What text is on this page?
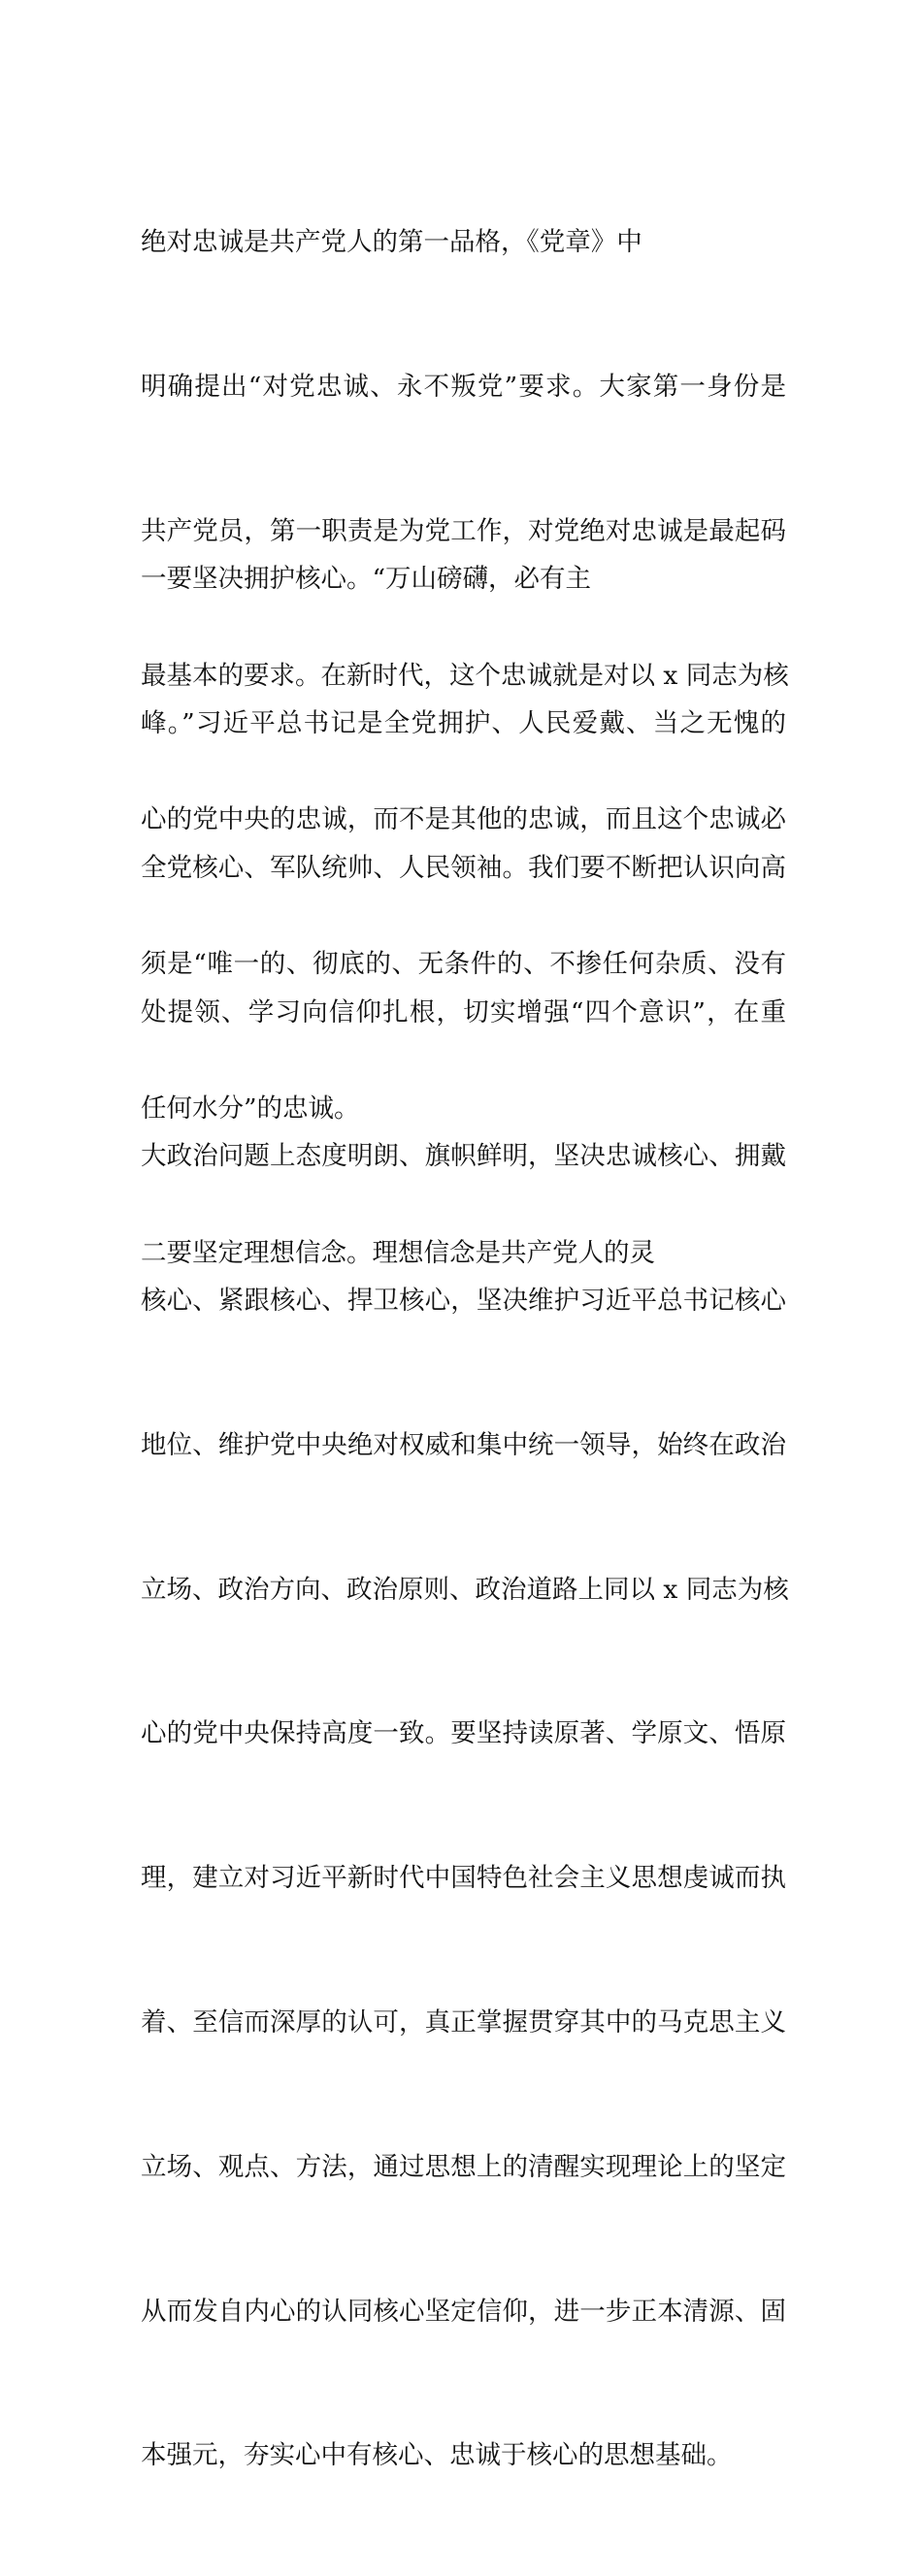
绝对忠诚是共产党人的第一品格，《党章》中

明确提出“对党忠诚、永不叛党”要求。大家第一身份是

共产党员，第一职责是为党工作，对党绝对忠诚是最起码

最基本的要求。在新时代，这个忠诚就是对以 x 同志为核

心的党中央的忠诚，而不是其他的忠诚，而且这个忠诚必

须是“唯一的、彻底的、无条件的、不掺任何杂质、没有

任何水分”的忠诚。

一要坚决拥护核心。“万山磅礴，必有主

峰。”习近平总书记是全党拥护、人民爱戴、当之无愧的

全党核心、军队统帅、人民领袖。我们要不断把认识向高

处提领、学习向信仰扎根，切实增强“四个意识”，在重

大政治问题上态度明朗、旗帜鲜明，坚决忠诚核心、拥戴

核心、紧跟核心、捍卫核心，坚决维护习近平总书记核心

地位、维护党中央绝对权威和集中统一领导，始终在政治

立场、政治方向、政治原则、政治道路上同以 x 同志为核

心的党中央保持高度一致。要坚持读原著、学原文、悟原

理，建立对习近平新时代中国特色社会主义思想虔诚而执

着、至信而深厚的认可，真正掌握贯穿其中的马克思主义

立场、观点、方法，通过思想上的清醒实现理论上的坚定

从而发自内心的认同核心坚定信仰，进一步正本清源、固

本强元，夯实心中有核心、忠诚于核心的思想基础。

二要坚定理想信念。理想信念是共产党人的灵
